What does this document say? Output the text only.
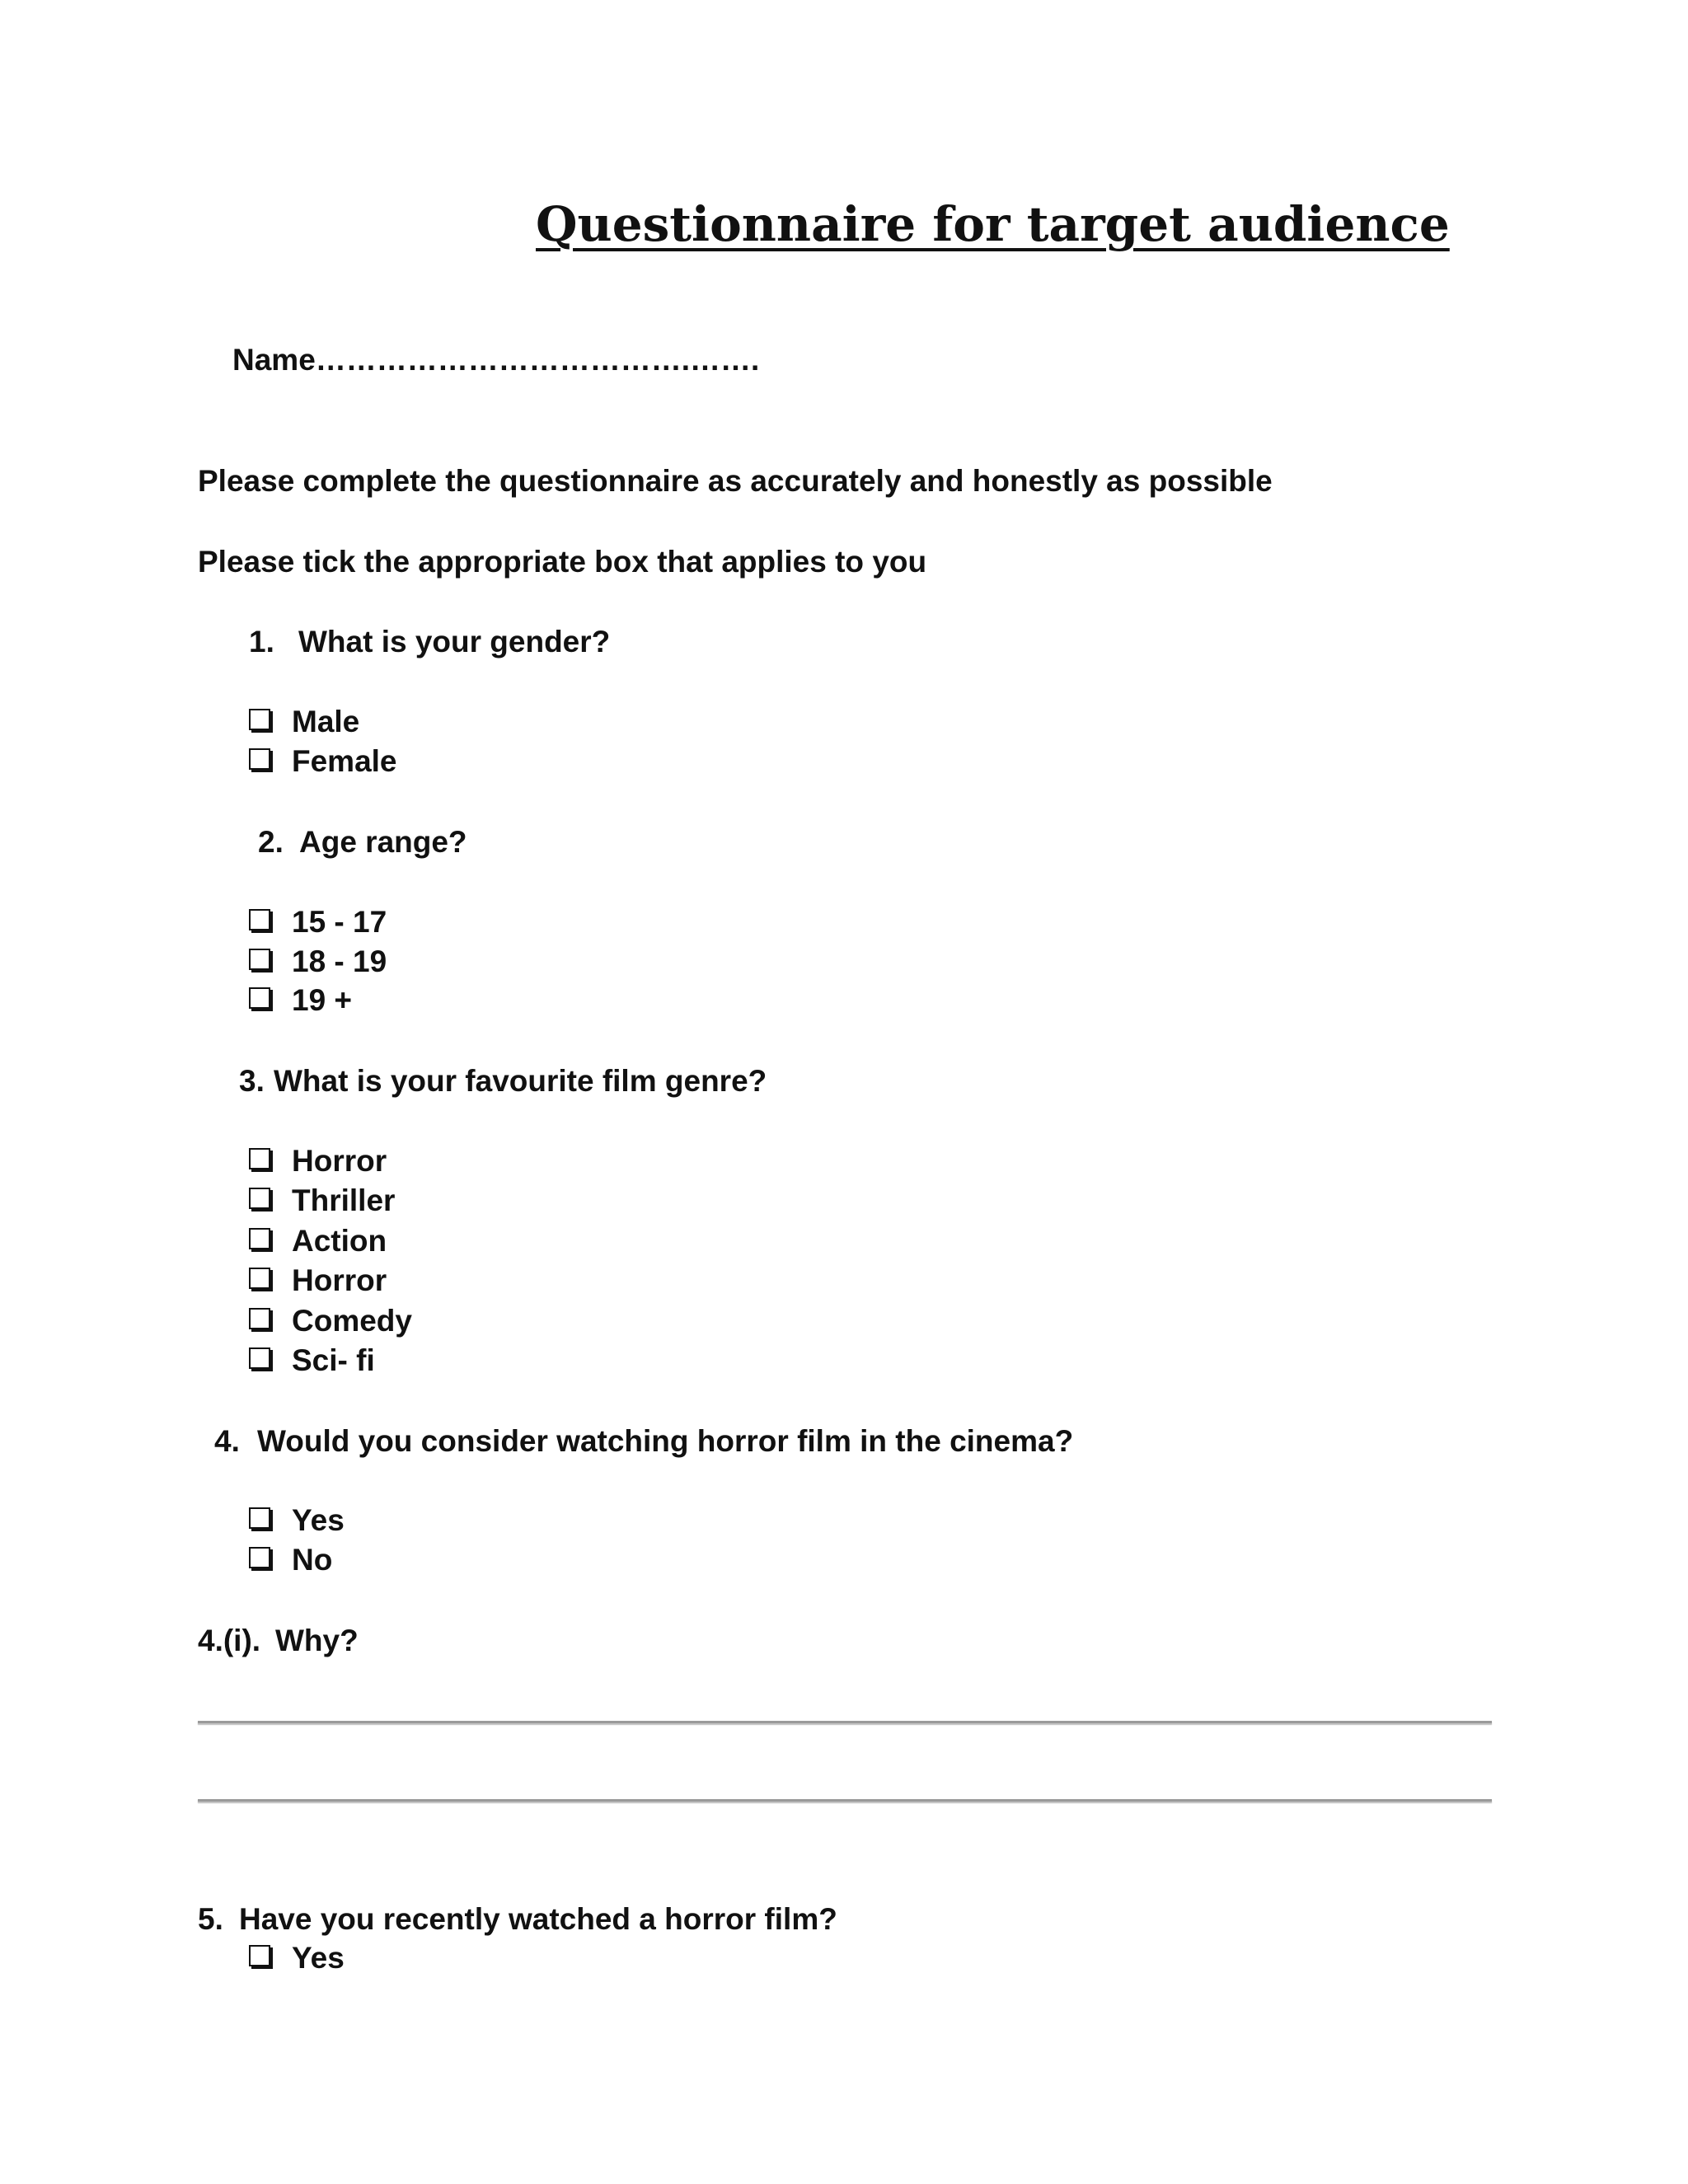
Questionnaire for target audience
Name……………………………….…….
Please complete the questionnaire as accurately and honestly as possible
Please tick the appropriate box that applies to you
1. What is your gender?
Male
Female
2. Age range?
15 - 17
18 - 19
19 +
3. What is your favourite film genre?
Horror
Thriller
Action
Horror
Comedy
Sci- fi
4. Would you consider watching horror film in the cinema?
Yes
No
4.(i). Why?
5. Have you recently watched a horror film?
Yes
